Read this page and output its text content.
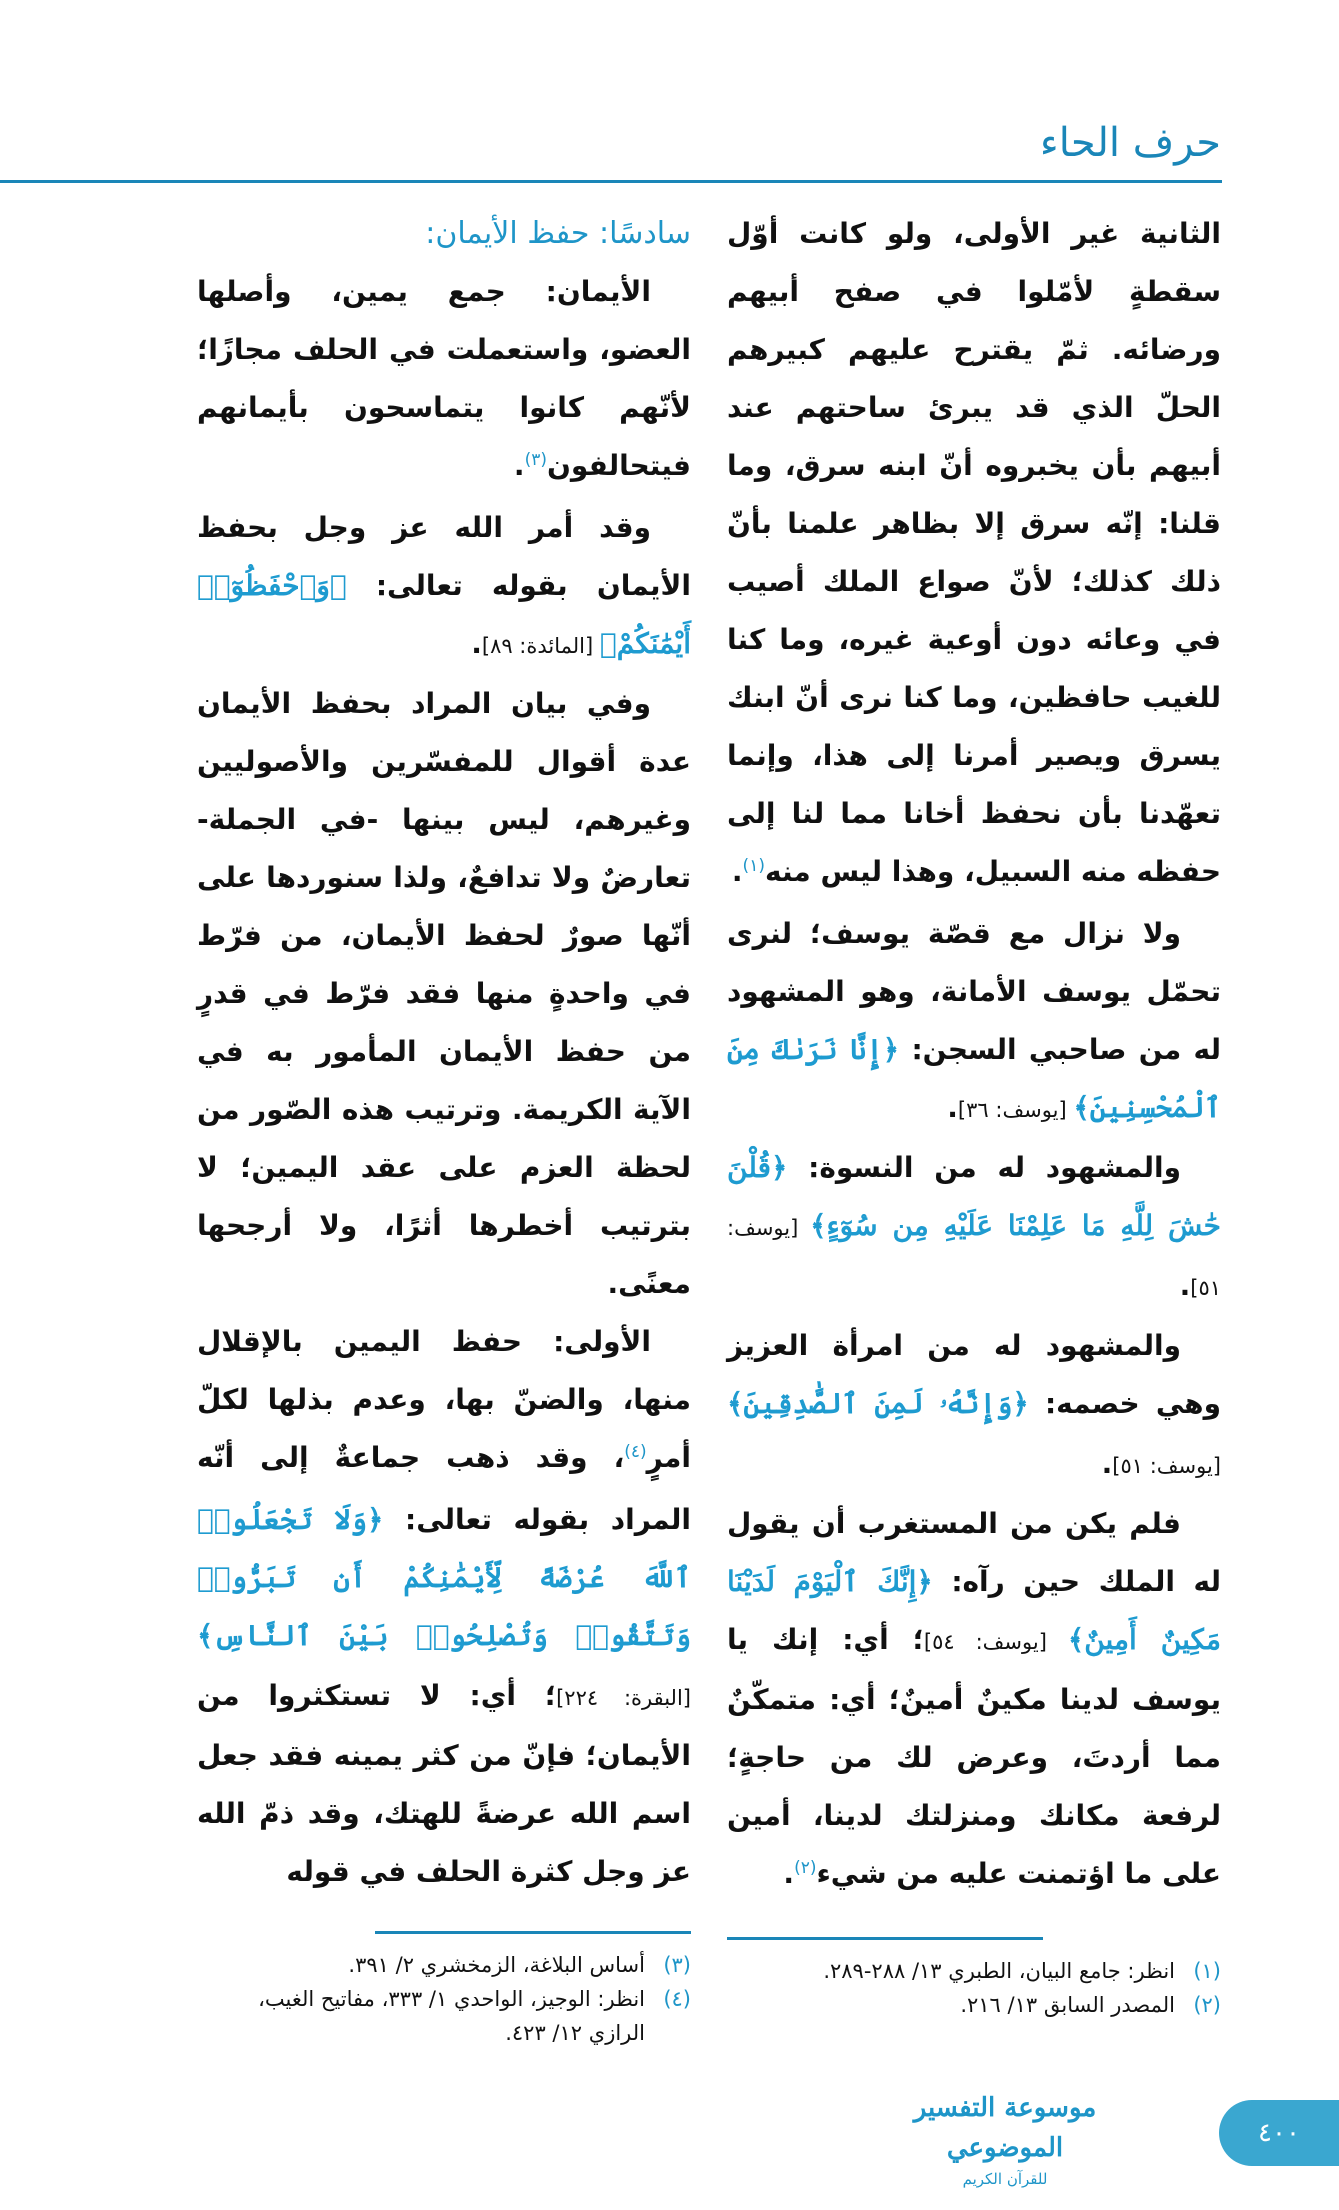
حرف الحاء

الثانية غير الأولى، ولو كانت أوّل سقطةٍ لأمّلوا في صفح أبيهم ورضائه. ثمّ يقترح عليهم كبيرهم الحلّ الذي قد يبرئ ساحتهم عند أبيهم بأن يخبروه أنّ ابنه سرق، وما قلنا: إنّه سرق إلا بظاهر علمنا بأنّ ذلك كذلك؛ لأنّ صواع الملك أصيب في وعائه دون أوعية غيره، وما كنا للغيب حافظين، وما كنا نرى أنّ ابنك يسرق ويصير أمرنا إلى هذا، وإنما تعهّدنا بأن نحفظ أخانا مما لنا إلى حفظه منه السبيل، وهذا ليس منه$^{(١)}$.

ولا نزال مع قصّة يوسف؛ لنرى تحمّل يوسف الأمانة، وهو المشهود له من صاحبي السجن: ﴿إِنَّا نَرَىٰكَ مِنَ ٱلْمُحْسِنِينَ﴾ [يوسف: ٣٦].

والمشهود له من النسوة: ﴿قُلْنَ حَٰشَ لِلَّهِ مَا عَلِمْنَا عَلَيْهِ مِن سُوٓءٍ﴾ [يوسف: ٥١].

والمشهود له من امرأة العزيز وهي خصمه: ﴿وَإِنَّهُۥ لَمِنَ ٱلصَّٰدِقِينَ﴾ [يوسف: ٥١].

فلم يكن من المستغرب أن يقول له الملك حين رآه: ﴿إِنَّكَ ٱلْيَوْمَ لَدَيْنَا مَكِينٌ أَمِينٌ﴾ [يوسف: ٥٤]؛ أي: إنك يا يوسف لدينا مكينٌ أمينٌ؛ أي: متمكّنٌ مما أردتَ، وعرض لك من حاجةٍ؛ لرفعة مكانك ومنزلتك لدينا، أمين على ما اؤتمنت عليه من شيء$^{(٢)}$.

(١)انظر: جامع البيان، الطبري ١٣/ ٢٨٨-٢٨٩.
(٢)المصدر السابق ١٣/ ٢١٦.

سادسًا: حفظ الأيمان:

الأيمان: جمع يمين، وأصلها العضو، واستعملت في الحلف مجازًا؛ لأنّهم كانوا يتماسحون بأيمانهم فيتحالفون$^{(٣)}$.

وقد أمر الله عز وجل بحفظ الأيمان بقوله تعالى: ﴿وَٱحْفَظُوٓا۟ أَيْمَٰنَكُمْ﴾ [المائدة: ٨٩].

وفي بيان المراد بحفظ الأيمان عدة أقوال للمفسّرين والأصوليين وغيرهم، ليس بينها -في الجملة- تعارضٌ ولا تدافعٌ، ولذا سنوردها على أنّها صورٌ لحفظ الأيمان، من فرّط في واحدةٍ منها فقد فرّط في قدرٍ من حفظ الأيمان المأمور به في الآية الكريمة. وترتيب هذه الصّور من لحظة العزم على عقد اليمين؛ لا بترتيب أخطرها أثرًا، ولا أرجحها معنًى.

الأولى: حفظ اليمين بالإقلال منها، والضنّ بها، وعدم بذلها لكلّ أمرٍ$^{(٤)}$، وقد ذهب جماعةٌ إلى أنّه المراد بقوله تعالى: ﴿وَلَا تَجْعَلُوا۟ ٱللَّهَ عُرْضَةً لِّأَيْمَٰنِكُمْ أَن تَبَرُّوا۟ وَتَتَّقُوا۟ وَتُصْلِحُوا۟ بَيْنَ ٱلنَّاسِ﴾ [البقرة: ٢٢٤]؛ أي: لا تستكثروا من الأيمان؛ فإنّ من كثر يمينه فقد جعل اسم الله عرضةً للهتك، وقد ذمّ الله عز وجل كثرة الحلف في قوله

(٣)أساس البلاغة، الزمخشري ٢/ ٣٩١.
(٤)انظر: الوجيز، الواحدي ١/ ٣٣٣، مفاتيح الغيب، الرازي ١٢/ ٤٢٣.
موسوعة التفسير الموضوعي
للقرآن الكريم
٤٠٠
